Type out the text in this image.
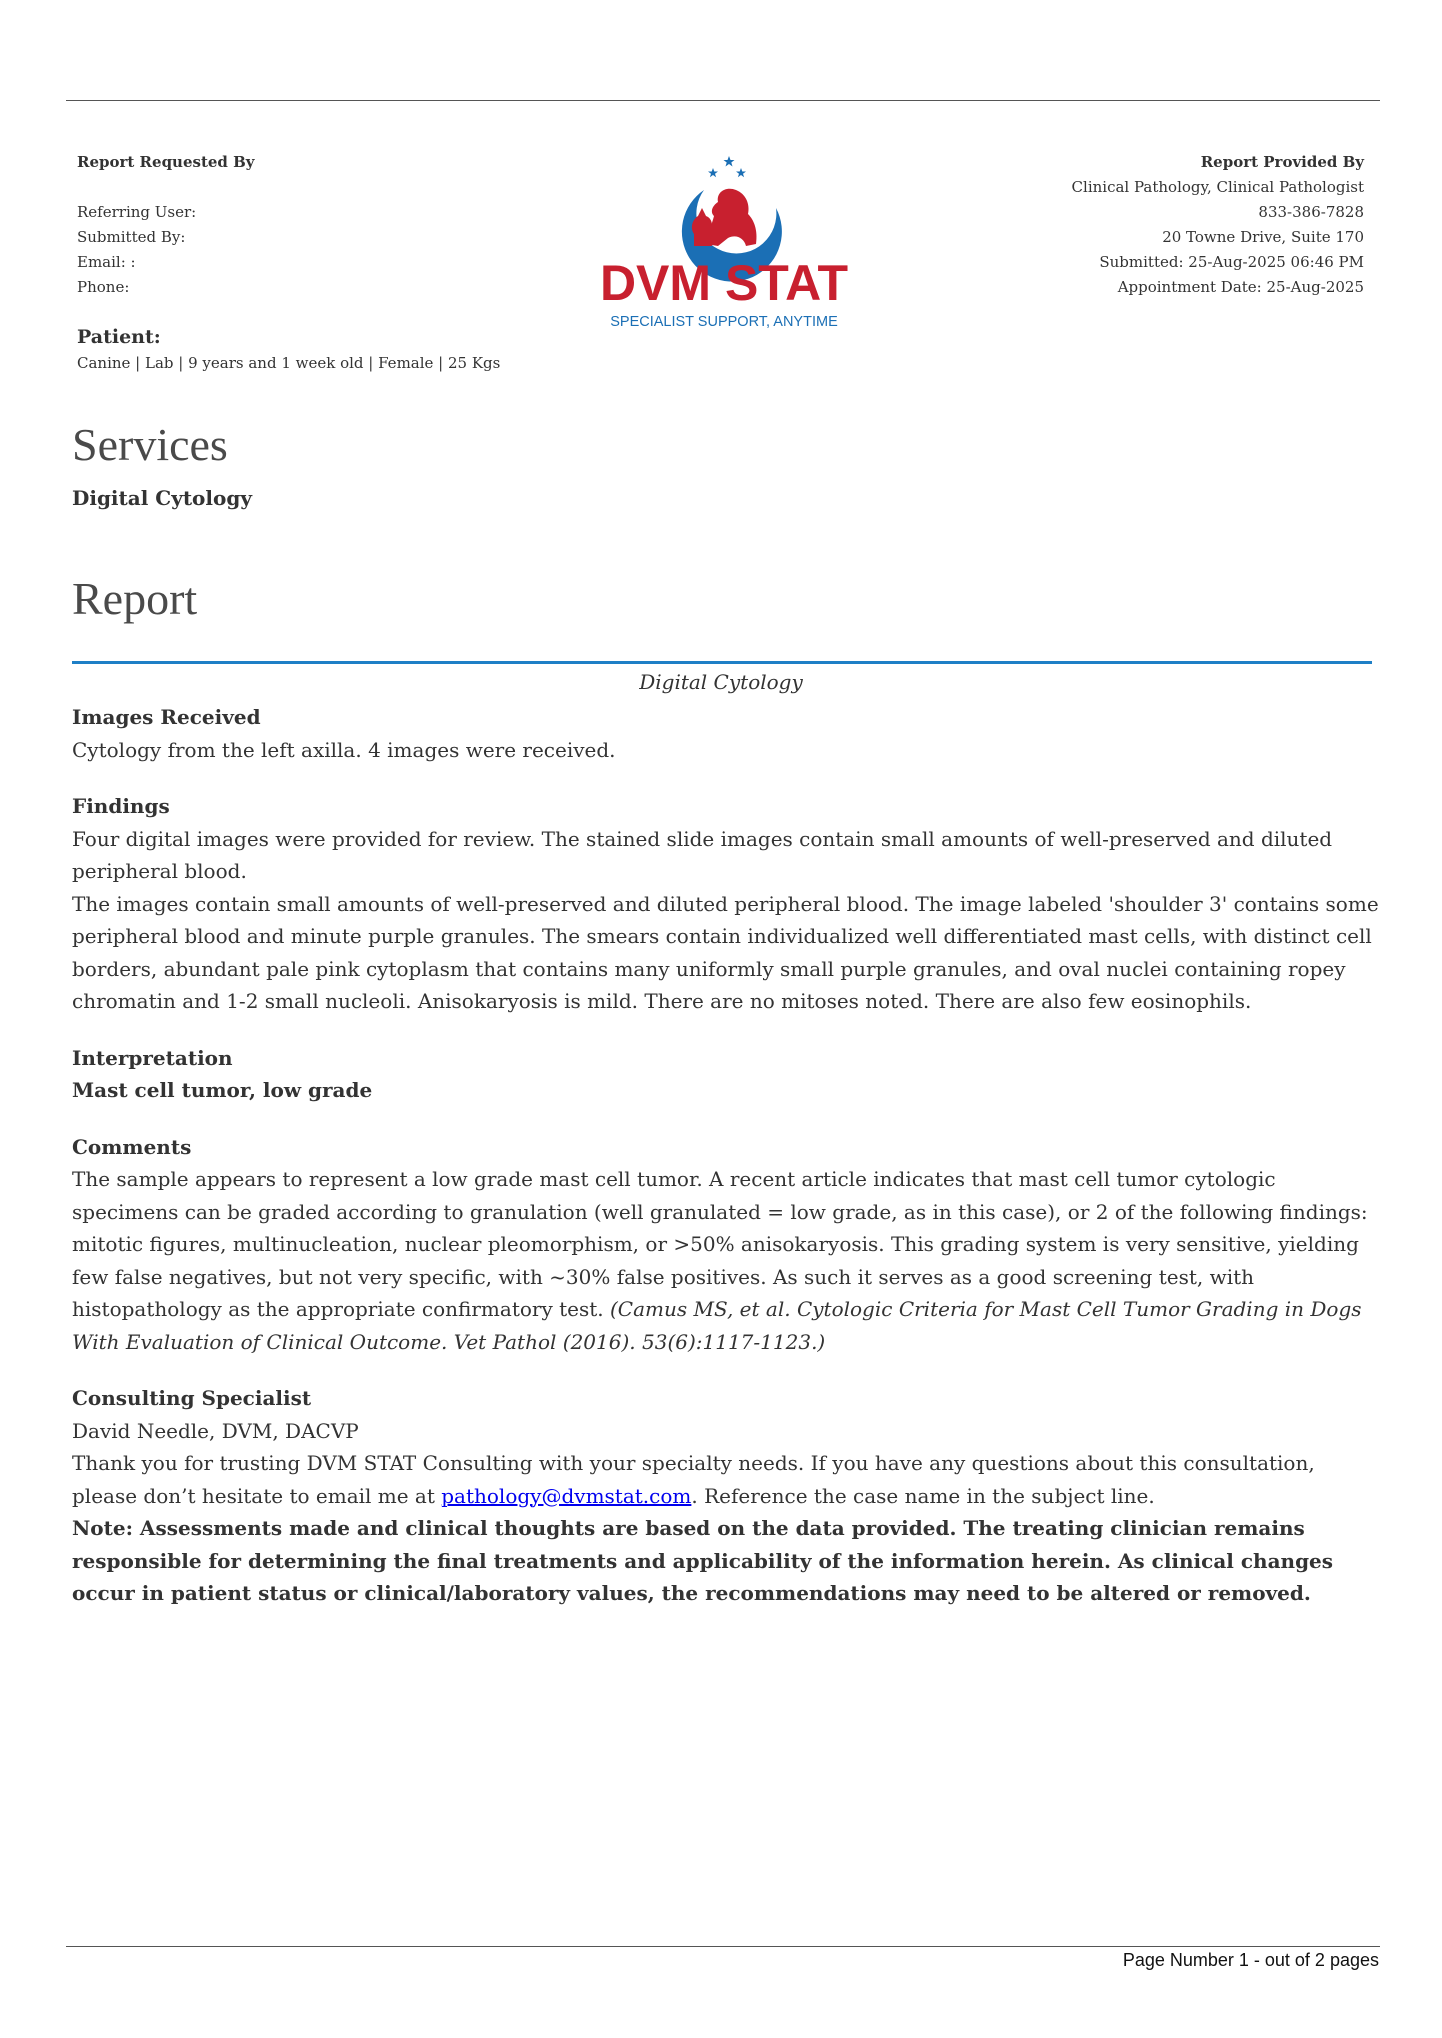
Report Requested By
Referring User:
Submitted By:
Email: :
Phone:	DVM STAT
SPECIALIST SUPPORT, ANYTIME
Report Provided By
Clinical Pathology, Clinical Pathologist
833-386-7828
20 Towne Drive, Suite 170
Submitted: 25-Aug-2025 06:46 PM
Appointment Date: 25-Aug-2025
Patient:
Canine | Lab | 9 years and 1 week old | Female | 25 Kgs
Services
Digital Cytology
Report
Digital Cytology

Images Received

Cytology from the left axilla. 4 images were received.

Findings

Four digital images were provided for review. The stained slide images contain small amounts of well-preserved and diluted peripheral blood.

The images contain small amounts of well-preserved and diluted peripheral blood. The image labeled 'shoulder 3' contains some peripheral blood and minute purple granules. The smears contain individualized well differentiated mast cells, with distinct cell borders, abundant pale pink cytoplasm that contains many uniformly small purple granules, and oval nuclei containing ropey chromatin and 1-2 small nucleoli. Anisokaryosis is mild. There are no mitoses noted. There are also few eosinophils.

Interpretation

Mast cell tumor, low grade

Comments

The sample appears to represent a low grade mast cell tumor. A recent article indicates that mast cell tumor cytologic specimens can be graded according to granulation (well granulated = low grade, as in this case), or 2 of the following findings: mitotic figures, multinucleation, nuclear pleomorphism, or >50% anisokaryosis. This grading system is very sensitive, yielding few false negatives, but not very specific, with ~30% false positives. As such it serves as a good screening test, with histopathology as the appropriate confirmatory test. (Camus MS, et al. Cytologic Criteria for Mast Cell Tumor Grading in Dogs With Evaluation of Clinical Outcome. Vet Pathol (2016). 53(6):1117-1123.)

Consulting Specialist

David Needle, DVM, DACVP

Thank you for trusting DVM STAT Consulting with your specialty needs. If you have any questions about this consultation, please don’t hesitate to email me at pathology@dvmstat.com. Reference the case name in the subject line.

Note: Assessments made and clinical thoughts are based on the data provided. The treating clinician remains responsible for determining the final treatments and applicability of the information herein. As clinical changes occur in patient status or clinical/laboratory values, the recommendations may need to be altered or removed.

Page Number 1 - out of 2 pages
